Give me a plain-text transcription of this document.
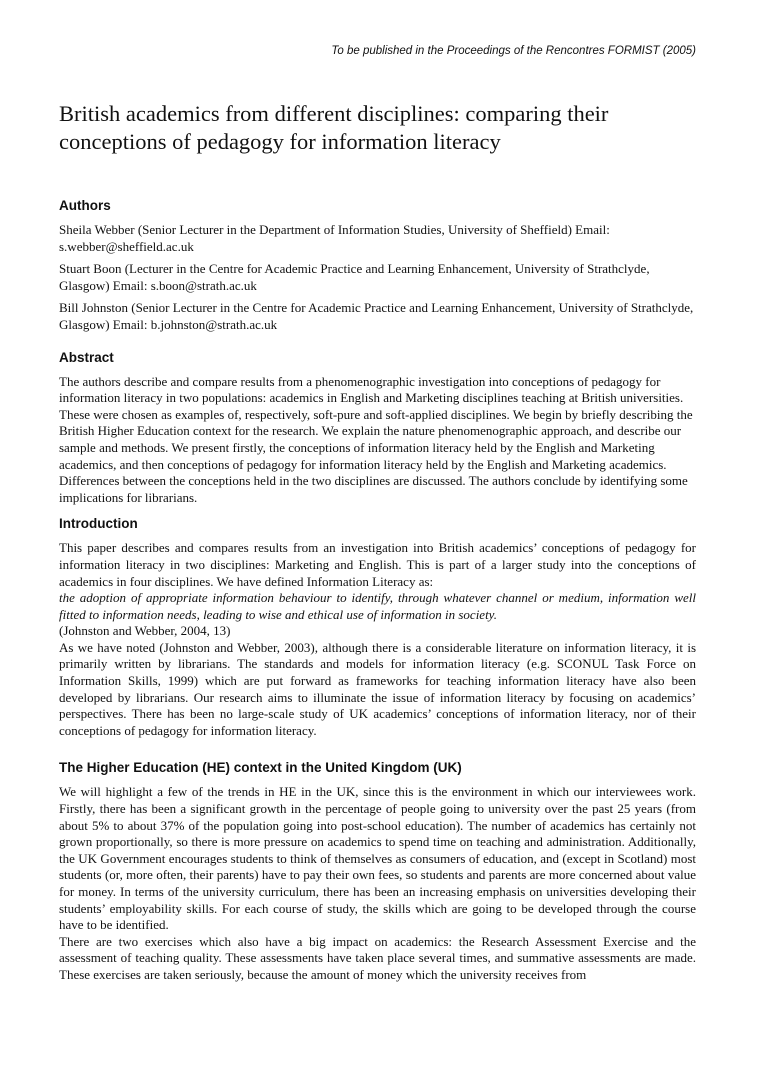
To be published in the Proceedings of the Rencontres FORMIST (2005)
British academics from different disciplines: comparing their
conceptions of pedagogy for information literacy
Authors

Sheila Webber (Senior Lecturer in the Department of Information Studies, University of Sheffield) Email: s.webber@sheffield.ac.uk

Stuart Boon (Lecturer in the Centre for Academic Practice and Learning Enhancement, University of Strathclyde, Glasgow) Email: s.boon@strath.ac.uk

Bill Johnston (Senior Lecturer in the Centre for Academic Practice and Learning Enhancement, University of Strathclyde, Glasgow) Email: b.johnston@strath.ac.uk

Abstract

The authors describe and compare results from a phenomenographic investigation into conceptions of pedagogy for information literacy in two populations: academics in English and Marketing disciplines teaching at British universities. These were chosen as examples of, respectively, soft-pure and soft-applied disciplines. We begin by briefly describing the British Higher Education context for the research. We explain the nature phenomenographic approach, and describe our sample and methods. We present firstly, the conceptions of information literacy held by the English and Marketing academics, and then conceptions of pedagogy for information literacy held by the English and Marketing academics. Differences between the conceptions held in the two disciplines are discussed. The authors conclude by identifying some implications for librarians.

Introduction

This paper describes and compares results from an investigation into British academics’ conceptions of pedagogy for information literacy in two disciplines: Marketing and English. This is part of a larger study into the conceptions of academics in four disciplines. We have defined Information Literacy as:

the adoption of appropriate information behaviour to identify, through whatever channel or medium, information well fitted to information needs, leading to wise and ethical use of information in society.

(Johnston and Webber, 2004, 13)

As we have noted (Johnston and Webber, 2003), although there is a considerable literature on information literacy, it is primarily written by librarians. The standards and models for information literacy (e.g. SCONUL Task Force on Information Skills, 1999) which are put forward as frameworks for teaching information literacy have also been developed by librarians. Our research aims to illuminate the issue of information literacy by focusing on academics’ perspectives. There has been no large-scale study of UK academics’ conceptions of information literacy, nor of their conceptions of pedagogy for information literacy.

The Higher Education (HE) context in the United Kingdom (UK)

We will highlight a few of the trends in HE in the UK, since this is the environment in which our interviewees work. Firstly, there has been a significant growth in the percentage of people going to university over the past 25 years (from about 5% to about 37% of the population going into post-school education). The number of academics has certainly not grown proportionally, so there is more pressure on academics to spend time on teaching and administration. Additionally, the UK Government encourages students to think of themselves as consumers of education, and (except in Scotland) most students (or, more often, their parents) have to pay their own fees, so students and parents are more concerned about value for money. In terms of the university curriculum, there has been an increasing emphasis on universities developing their students’ employability skills. For each course of study, the skills which are going to be developed through the course have to be identified.

There are two exercises which also have a big impact on academics: the Research Assessment Exercise and the assessment of teaching quality. These assessments have taken place several times, and summative assessments are made. These exercises are taken seriously, because the amount of money which the university receives from
